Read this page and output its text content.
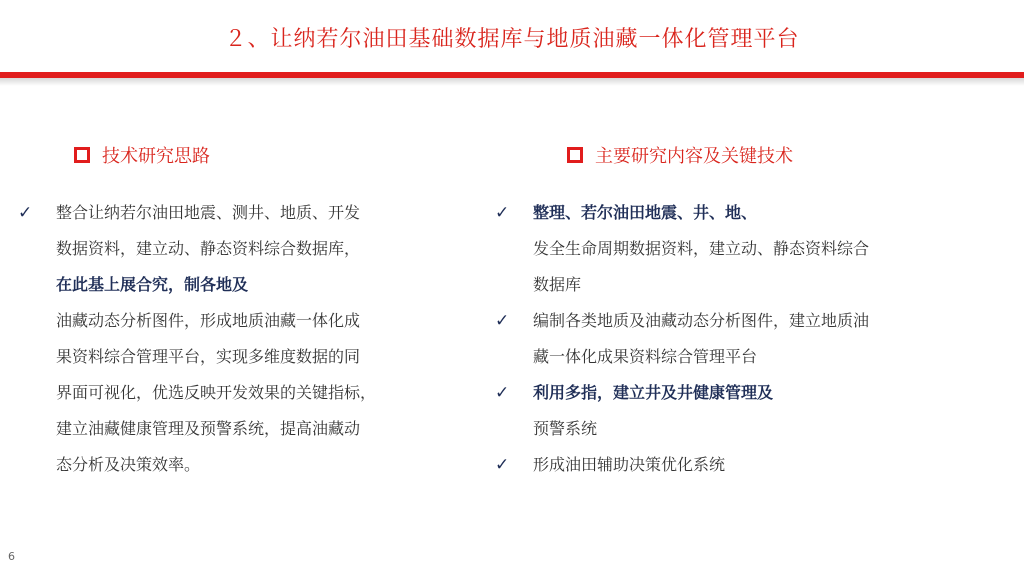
２、让纳若尔油田基础数据库与地质油藏一体化管理平台
技术研究思路	主要研究内容及关键技术
✓ 整合让纳若尔油田地震、测井、地质、开发
数据资料，建立动、静态资料综合数据库，
在此基上展合究，制各地及
油藏动态分析图件，形成地质油藏一体化成
果资料综合管理平台，实现多维度数据的同
界面可视化，优选反映开发效果的关键指标，
建立油藏健康管理及预警系统，提高油藏动
态分析及决策效率。
✓ 整理、若尔油田地震、井、地、
发全生命周期数据资料，建立动、静态资料综合
数据库
✓ 编制各类地质及油藏动态分析图件，建立地质油
藏一体化成果资料综合管理平台
✓ 利用多指，建立井及井健康管理及
预警系统
✓ 形成油田辅助决策优化系统
6
